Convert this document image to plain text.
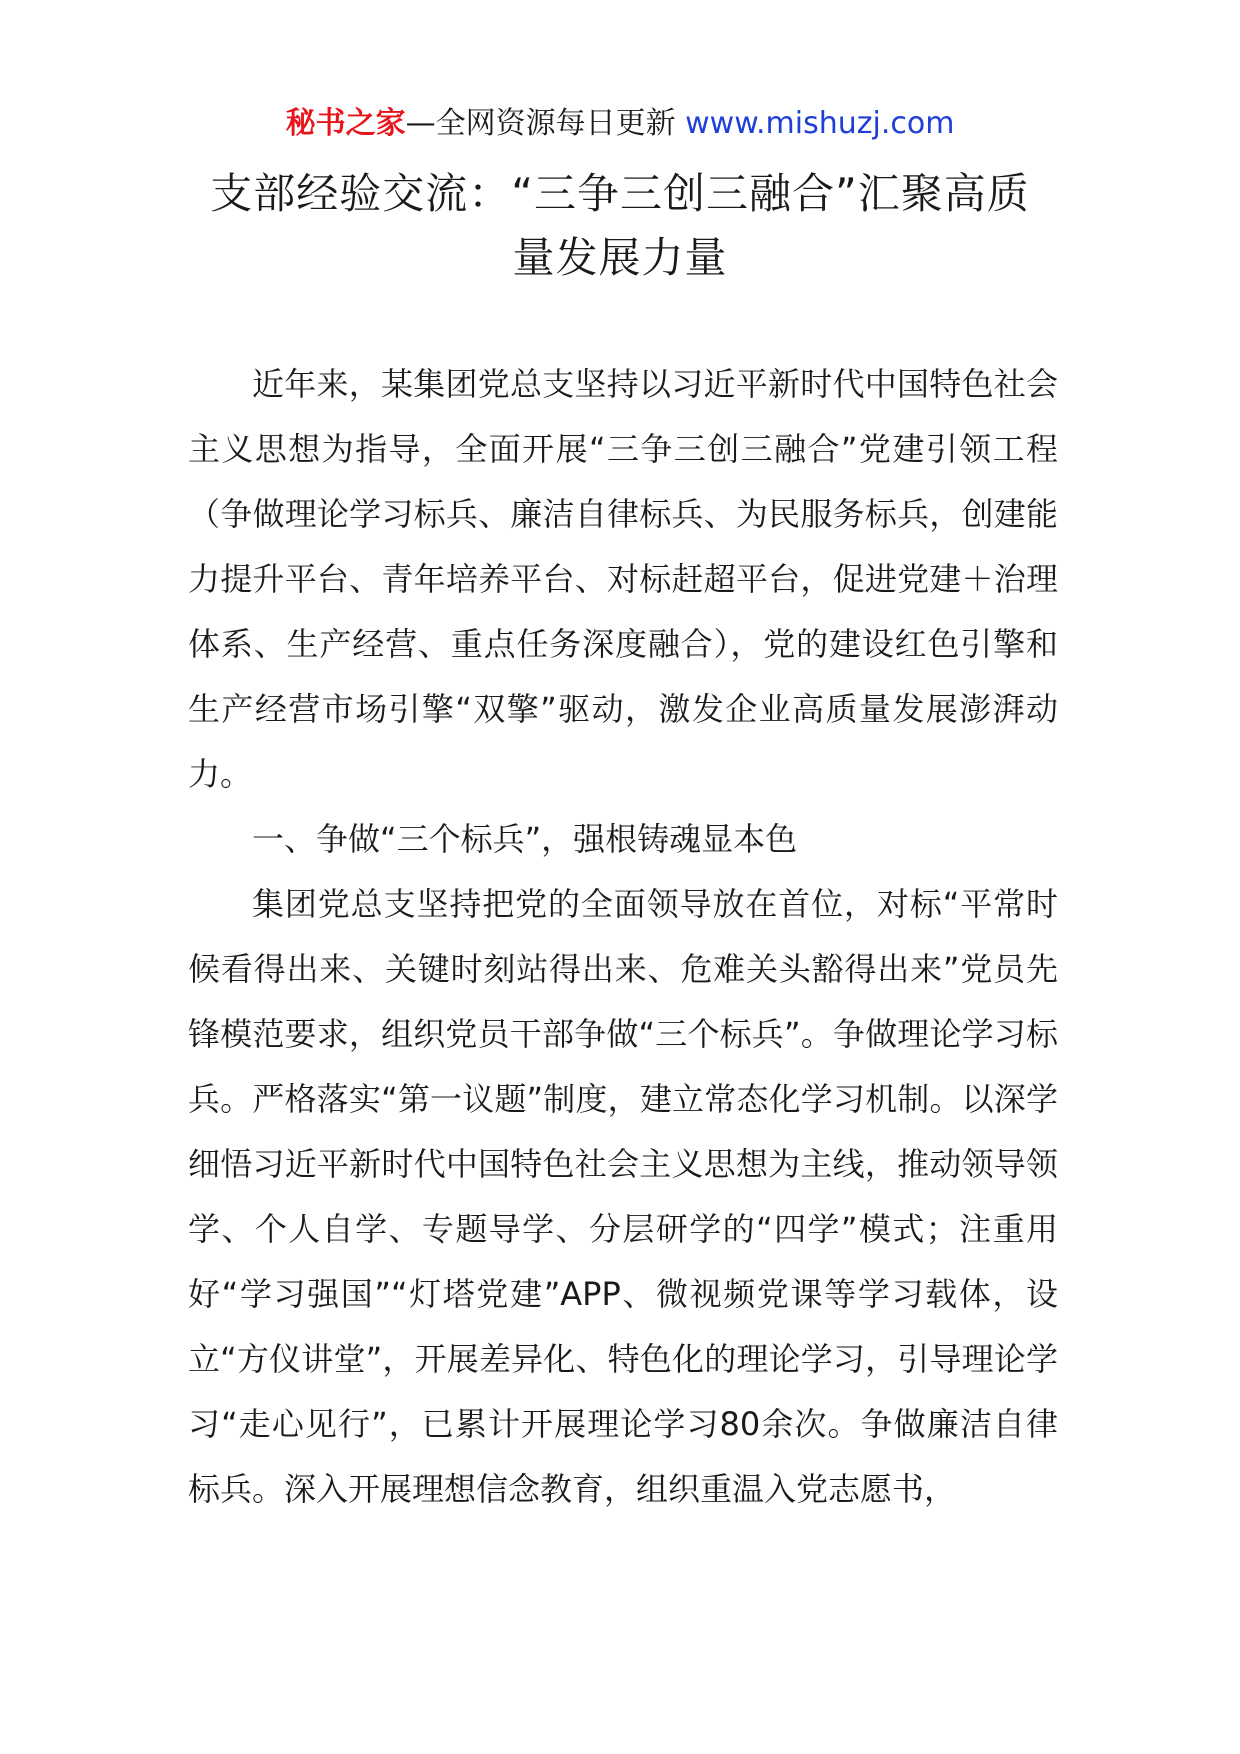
秘书之家—全网资源每日更新 www.mishuzj.com
支部经验交流：“三争三创三融合”汇聚高质
量发展力量

近年来，某集团党总支坚持以习近平新时代中国特色社会主义思想为指导，全面开展“三争三创三融合”党建引领工程（争做理论学习标兵、廉洁自律标兵、为民服务标兵，创建能力提升平台、青年培养平台、对标赶超平台，促进党建＋治理体系、生产经营、重点任务深度融合），党的建设红色引擎和生产经营市场引擎“双擎”驱动，激发企业高质量发展澎湃动力。

一、争做“三个标兵”，强根铸魂显本色

集团党总支坚持把党的全面领导放在首位，对标“平常时候看得出来、关键时刻站得出来、危难关头豁得出来”党员先锋模范要求，组织党员干部争做“三个标兵”。争做理论学习标兵。严格落实“第一议题”制度，建立常态化学习机制。以深学细悟习近平新时代中国特色社会主义思想为主线，推动领导领学、个人自学、专题导学、分层研学的“四学”模式；注重用好“学习强国”“灯塔党建”APP、微视频党课等学习载体，设立“方仪讲堂”，开展差异化、特色化的理论学习，引导理论学习“走心见行”，已累计开展理论学习80余次。争做廉洁自律标兵。深入开展理想信念教育，组织重温入党志愿书，
